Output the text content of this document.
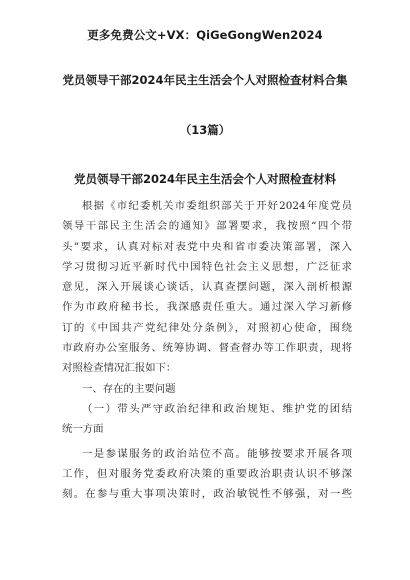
更多免费公文+VX：QiGeGongWen2024
党员领导干部2024年民主生活会个人对照检查材料合集
（13篇）
党员领导干部2024年民主生活会个人对照检查材料
根据《市纪委机关市委组织部关于开好2024年度党员
领导干部民主生活会的通知》部署要求，我按照“四个带
头”要求，认真对标对表党中央和省市委决策部署，深入
学习贯彻习近平新时代中国特色社会主义思想，广泛征求
意见，深入开展谈心谈话，认真查摆问题，深入剖析根源
作为市政府秘书长，我深感责任重大。通过深入学习新修
订的《中国共产党纪律处分条例》，对照初心使命，围绕
市政府办公室服务、统筹协调、督查督办等工作职责，现将
对照检查情况汇报如下：
一、存在的主要问题
（一）带头严守政治纪律和政治规矩、维护党的团结
统一方面
一是参谋服务的政治站位不高。能够按要求开展各项
工作，但对服务党委政府决策的重要政治职责认识不够深
刻。在参与重大事项决策时，政治敏锐性不够强，对一些
